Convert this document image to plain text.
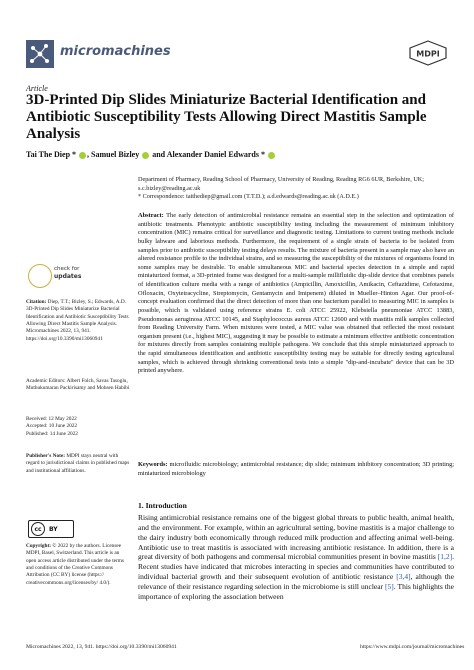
micromachines	MDPI
Article
3D-Printed Dip Slides Miniaturize Bacterial Identification and Antibiotic Susceptibility Tests Allowing Direct Mastitis Sample Analysis
Tai The Diep * , Samuel Bizley  and Alexander Daniel Edwards *
Department of Pharmacy, Reading School of Pharmacy, University of Reading, Reading RG6 6UR, Berkshire, UK;
s.c.bizley@reading.ac.uk
* Correspondence: taithediep@gmail.com (T.T.D.); a.d.edwards@reading.ac.uk (A.D.E.)
Abstract: The early detection of antimicrobial resistance remains an essential step in the selection and optimization of antibiotic treatments. Phenotypic antibiotic susceptibility testing including the measurement of minimum inhibitory concentration (MIC) remains critical for surveillance and diagnostic testing. Limitations to current testing methods include bulky labware and laborious methods. Furthermore, the requirement of a single strain of bacteria to be isolated from samples prior to antibiotic susceptibility testing delays results. The mixture of bacteria present in a sample may also have an altered resistance profile to the individual strains, and so measuring the susceptibility of the mixtures of organisms found in some samples may be desirable. To enable simultaneous MIC and bacterial species detection in a simple and rapid miniaturized format, a 3D-printed frame was designed for a multi-sample millifluidic dip-slide device that combines panels of identification culture media with a range of antibiotics (Ampicillin, Amoxicillin, Amikacin, Ceftazidime, Cefotaxime, Ofloxacin, Oxytetracycline, Streptomycin, Gentamycin and Imipenem) diluted in Mueller–Hinton Agar. Our proof-of-concept evaluation confirmed that the direct detection of more than one bacterium parallel to measuring MIC in samples is possible, which is validated using reference strains E. coli ATCC 25922, Klebsiella pneumoniae ATCC 13883, Pseudomonas aeruginosa ATCC 10145, and Staphylococcus aureus ATCC 12600 and with mastitis milk samples collected from Reading University Farm. When mixtures were tested, a MIC value was obtained that reflected the most resistant organism present (i.e., highest MIC), suggesting it may be possible to estimate a minimum effective antibiotic concentration for mixtures directly from samples containing multiple pathogens. We conclude that this simple miniaturized approach to the rapid simultaneous identification and antibiotic susceptibility testing may be suitable for directly testing agricultural samples, which is achieved through shrinking conventional tests into a simple "dip-and-incubate" device that can be 3D printed anywhere.
Keywords: microfluidic microbiology; antimicrobial resistance; dip slide; minimum inhibitory concentration; 3D printing; miniaturized microbiology
check for
updates

Citation: Diep, T.T.; Bizley, S.; Edwards, A.D. 3D-Printed Dip Slides Miniaturize Bacterial Identification and Antibiotic Susceptibility Tests Allowing Direct Mastitis Sample Analysis. Micromachines 2022, 13, 941. https://doi.org/10.3390/mi13060941

Academic Editors: Albert Folch, Savas Tasoglu, Muthukumaran Packirisamy and Mohsen Habibi

Received: 12 May 2022

Accepted: 10 June 2022

Published: 14 June 2022

Publisher's Note: MDPI stays neutral with regard to jurisdictional claims in published maps and institutional affiliations.

cc	BY

Copyright: © 2022 by the authors. Licensee MDPI, Basel, Switzerland. This article is an open access article distributed under the terms and conditions of the Creative Commons Attribution (CC BY) license (https:// creativecommons.org/licenses/by/ 4.0/).

1. Introduction
Rising antimicrobial resistance remains one of the biggest global threats to public health, animal health, and the environment. For example, within an agricultural setting, bovine mastitis is a major challenge to the dairy industry both economically through reduced milk production and affecting animal well-being. Antibiotic use to treat mastitis is associated with increasing antibiotic resistance. In addition, there is a great diversity of both pathogens and commensal microbial communities present in bovine mastitis [1,2]. Recent studies have indicated that microbes interacting in species and communities have contributed to individual bacterial growth and their subsequent evolution of antibiotic resistance [3,4], although the relevance of their resistance regarding selection in the microbiome is still unclear [5]. This highlights the importance of exploring the association between
Micromachines 2022, 13, 941. https://doi.org/10.3390/mi13060941	https://www.mdpi.com/journal/micromachines
